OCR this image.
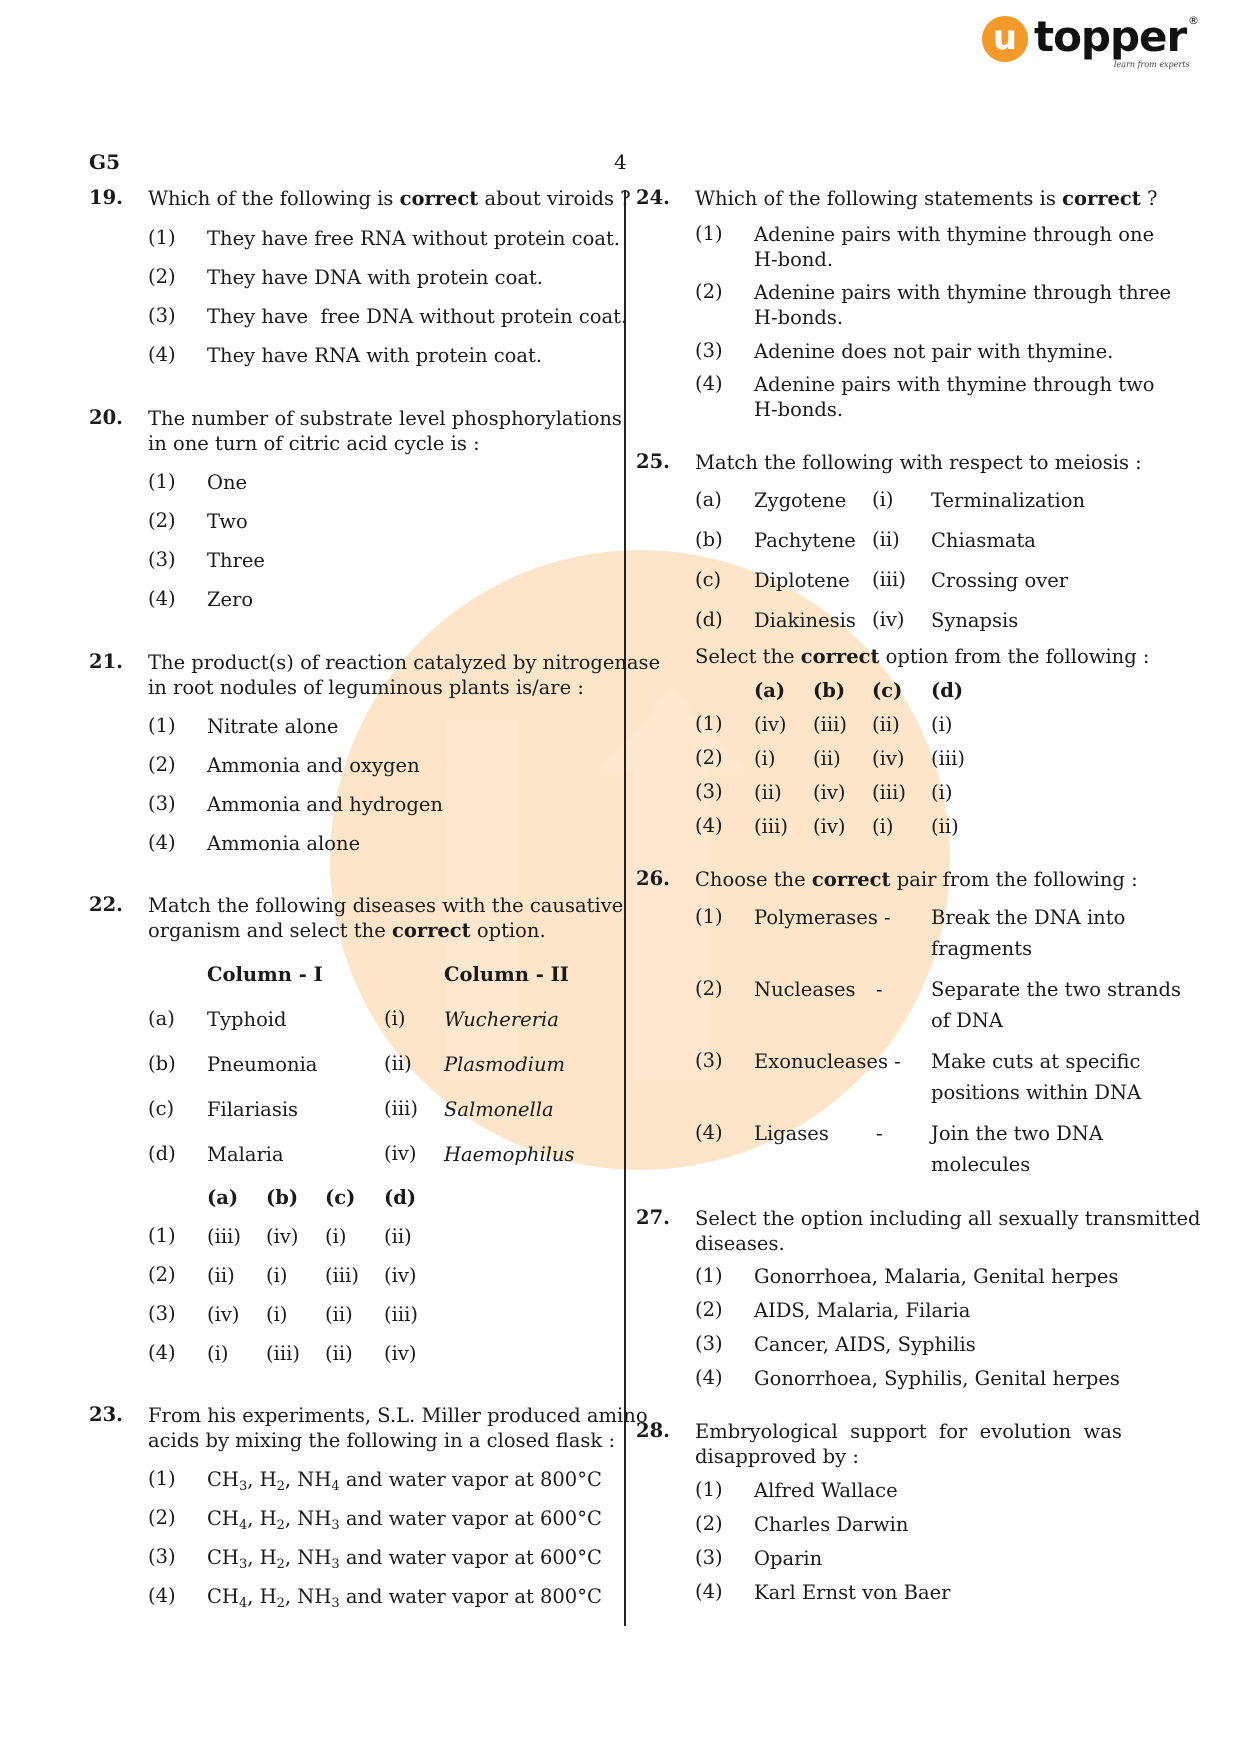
u topper ®
learn from experts
G5	4
19. Which of the following is correct about viroids ?
(1) They have free RNA without protein coat.
(2) They have DNA with protein coat.
(3) They have  free DNA without protein coat.
(4) They have RNA with protein coat.
20. The number of substrate level phosphorylations
in one turn of citric acid cycle is :
(1) One
(2) Two
(3) Three
(4) Zero
21. The product(s) of reaction catalyzed by nitrogenase
in root nodules of leguminous plants is/are :
(1) Nitrate alone
(2) Ammonia and oxygen
(3) Ammonia and hydrogen
(4) Ammonia alone
22. Match the following diseases with the causative
organism and select the correct option.
Column - I	Column - II
(a) Typhoid	(i) Wuchereria
(b) Pneumonia	(ii) Plasmodium
(c) Filariasis	(iii) Salmonella
(d) Malaria	(iv) Haemophilus
(a) (b) (c) (d)
(1) (iii) (iv) (i) (ii)
(2) (ii) (i) (iii) (iv)
(3) (iv) (i) (ii) (iii)
(4) (i) (iii) (ii) (iv)
23. From his experiments, S.L. Miller produced amino
acids by mixing the following in a closed flask :
(1) $CH_3$, $H_2$, $NH_4$ and water vapor at 800°C
(2) $CH_4$, $H_2$, $NH_3$ and water vapor at 600°C
(3) $CH_3$, $H_2$, $NH_3$ and water vapor at 600°C
(4) $CH_4$, $H_2$, $NH_3$ and water vapor at 800°C
24. Which of the following statements is correct ?
(1) Adenine pairs with thymine through one
H-bond.
(2) Adenine pairs with thymine through three
H-bonds.
(3) Adenine does not pair with thymine.
(4) Adenine pairs with thymine through two
H-bonds.
25. Match the following with respect to meiosis :
(a) Zygotene (i) Terminalization
(b) Pachytene (ii) Chiasmata
(c) Diplotene (iii) Crossing over
(d) Diakinesis (iv) Synapsis
Select the correct option from the following :
(a) (b) (c) (d)
(1) (iv) (iii) (ii) (i)
(2) (i) (ii) (iv) (iii)
(3) (ii) (iv) (iii) (i)
(4) (iii) (iv) (i) (ii)
26. Choose the correct pair from the following :
(1) Polymerases - Break the DNA into
fragments
(2) Nucleases - Separate the two strands
of DNA
(3) Exonucleases - Make cuts at specific
positions within DNA
(4) Ligases - Join the two DNA
molecules
27. Select the option including all sexually transmitted
diseases.
(1) Gonorrhoea, Malaria, Genital herpes
(2) AIDS, Malaria, Filaria
(3) Cancer, AIDS, Syphilis
(4) Gonorrhoea, Syphilis, Genital herpes
28. Embryological  support  for  evolution  was
disapproved by :
(1) Alfred Wallace
(2) Charles Darwin
(3) Oparin
(4) Karl Ernst von Baer
